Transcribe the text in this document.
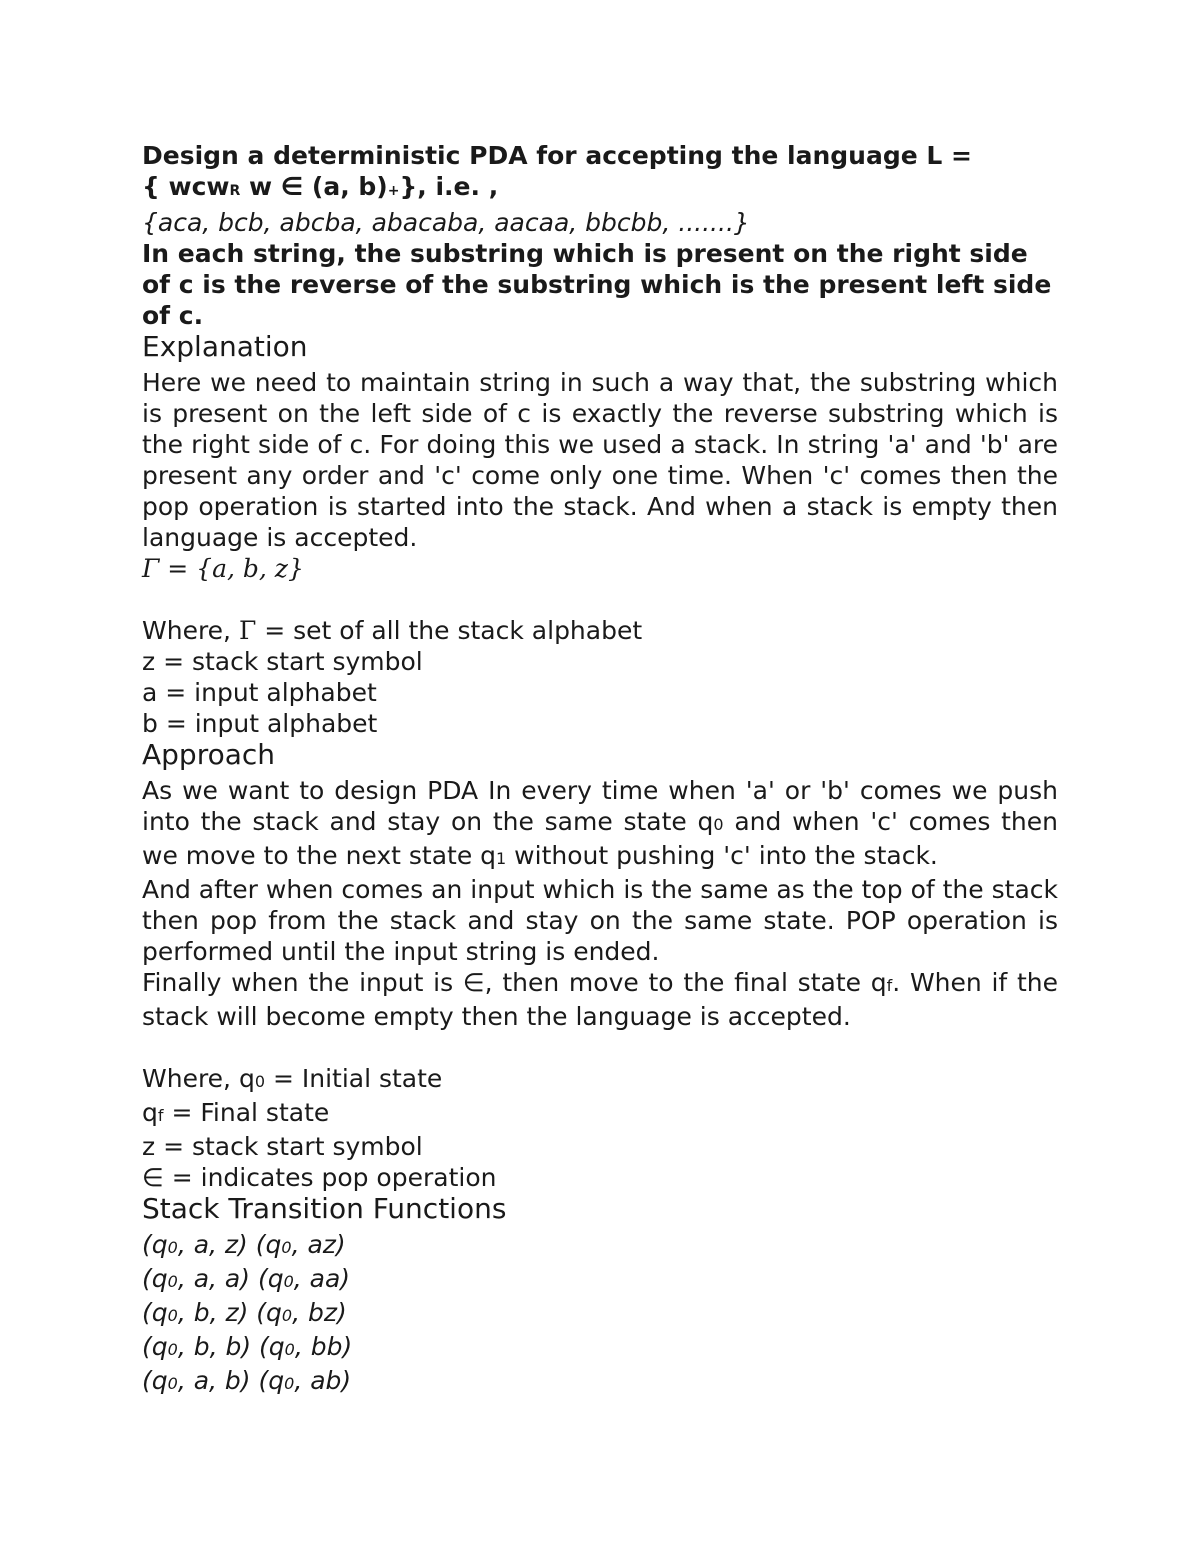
Design a deterministic PDA for accepting the language L =
{ wcwR w ∈ (a, b)+}, i.e. ,
{aca, bcb, abcba, abacaba, aacaa, bbcbb, .......}
In each string, the substring which is present on the right side of c is the reverse of the substring which is the present left side of c.
Explanation
Here we need to maintain string in such a way that, the substring which is present on the left side of c is exactly the reverse substring which is the right side of c. For doing this we used a stack. In string 'a' and 'b' are present any order and 'c' come only one time. When 'c' comes then the pop operation is started into the stack. And when a stack is empty then language is accepted.
Γ = {a, b, z}
Where, Γ = set of all the stack alphabet
z = stack start symbol
a = input alphabet
b = input alphabet
Approach
As we want to design PDA In every time when 'a' or 'b' comes we push into the stack and stay on the same state q0 and when 'c' comes then we move to the next state q1 without pushing 'c' into the stack.
And after when comes an input which is the same as the top of the stack then pop from the stack and stay on the same state. POP operation is performed until the input string is ended.
Finally when the input is ∈, then move to the final state qf. When if the stack will become empty then the language is accepted.
Where, q0 = Initial state
qf = Final state
z = stack start symbol
∈ = indicates pop operation
Stack Transition Functions
(q0, a, z) (q0, az)
(q0, a, a) (q0, aa)
(q0, b, z) (q0, bz)
(q0, b, b) (q0, bb)
(q0, a, b) (q0, ab)
